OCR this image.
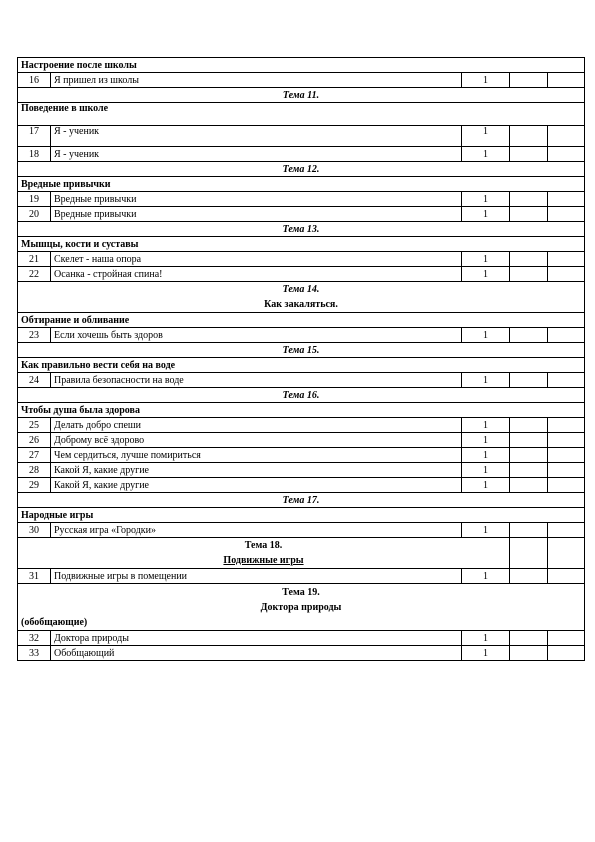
Настроение после школы				
16	Я пришел из школы	1		
Тема 11.				
Поведение в школе				
17	Я - ученик	1		
18	Я - ученик	1		
Тема 12.				
Вредные привычки				
19	Вредные привычки	1		
20	Вредные привычки	1		
Тема 13.				
Мышцы, кости и суставы				
21	Скелет - наша опора	1		
22	Осанка - стройная спина!	1		

Тема 14.
Как закаляться.				

Обтирание и обливание				
23	Если хочешь быть здоров	1		
Тема 15.				
Как правильно вести себя на воде				
24	Правила безопасности на воде	1		
Тема 16.				
Чтобы душа была здорова				
25	Делать добро спеши	1		
26	Доброму всё здорово	1		
27	Чем сердиться, лучше помириться	1		
28	Какой Я, какие другие	1		
29	Какой Я, какие другие	1		
Тема 17.				
Народные игры				
30	Русская игра «Городки»	1		

Тема 18.
Подвижные игры				

31	Подвижные игры в помещении	1		

Тема 19.
Доктора природы
(обобщающие)				

32	Доктора природы	1		
33	Обобщающий	1		
